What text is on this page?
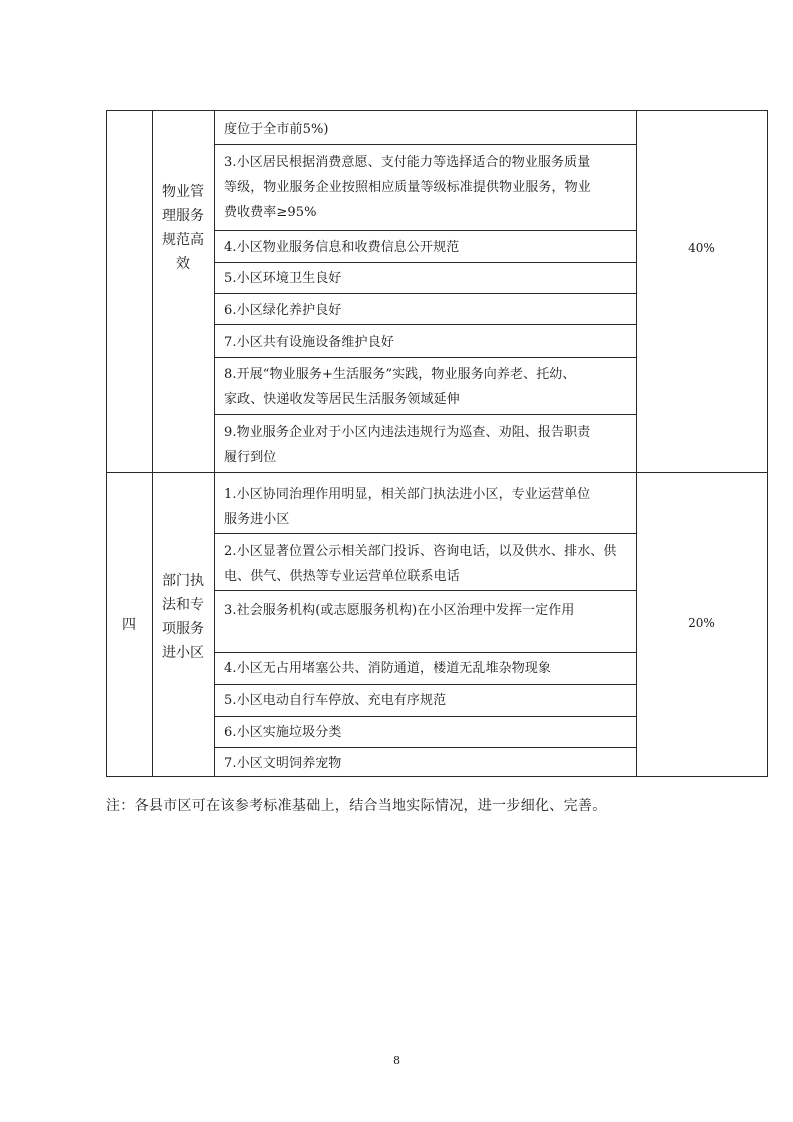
物业管
理服务
规范高
效
40%
度位于全市前5%)
3.小区居民根据消费意愿、支付能力等选择适合的物业服务质量
等级，物业服务企业按照相应质量等级标准提供物业服务，物业
费收费率≥95%
4.小区物业服务信息和收费信息公开规范
5.小区环境卫生良好
6.小区绿化养护良好
7.小区共有设施设备维护良好
8.开展“物业服务+生活服务”实践，物业服务向养老、托幼、
家政、快递收发等居民生活服务领域延伸
9.物业服务企业对于小区内违法违规行为巡查、劝阻、报告职责
履行到位
四
部门执
法和专
项服务
进小区
20%
1.小区协同治理作用明显，相关部门执法进小区，专业运营单位
服务进小区
2.小区显著位置公示相关部门投诉、咨询电话，以及供水、排水、供
电、供气、供热等专业运营单位联系电话
3.社会服务机构(或志愿服务机构)在小区治理中发挥一定作用
4.小区无占用堵塞公共、消防通道，楼道无乱堆杂物现象
5.小区电动自行车停放、充电有序规范
6.小区实施垃圾分类
7.小区文明饲养宠物
注：各县市区可在该参考标准基础上，结合当地实际情况，进一步细化、完善。
8
